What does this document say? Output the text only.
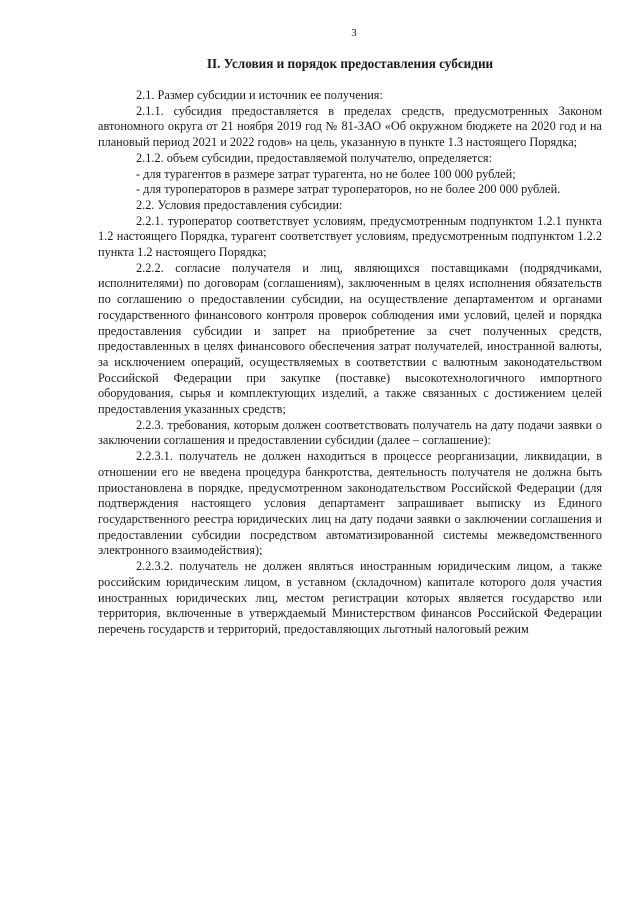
3
II. Условия и порядок предоставления субсидии

2.1. Размер субсидии и источник ее получения:

2.1.1. субсидия предоставляется в пределах средств, предусмотренных Законом автономного округа от 21 ноября 2019 год № 81-ЗАО «Об окружном бюджете на 2020 год и на плановый период 2021 и 2022 годов» на цель, указанную в пункте 1.3 настоящего Порядка;

2.1.2. объем субсидии, предоставляемой получателю, определяется:

- для турагентов в размере затрат турагента, но не более 100 000 рублей;

- для туроператоров в размере затрат туроператоров, но не более 200 000 рублей.

2.2. Условия предоставления субсидии:

2.2.1. туроператор соответствует условиям, предусмотренным подпунктом 1.2.1 пункта 1.2 настоящего Порядка, турагент соответствует условиям, предусмотренным подпунктом 1.2.2 пункта 1.2 настоящего Порядка;

2.2.2. согласие получателя и лиц, являющихся поставщиками (подрядчиками, исполнителями) по договорам (соглашениям), заключенным в целях исполнения обязательств по соглашению о предоставлении субсидии, на осуществление департаментом и органами государственного финансового контроля проверок соблюдения ими условий, целей и порядка предоставления субсидии и запрет на приобретение за счет полученных средств, предоставленных в целях финансового обеспечения затрат получателей, иностранной валюты, за исключением операций, осуществляемых в соответствии с валютным законодательством Российской Федерации при закупке (поставке) высокотехнологичного импортного оборудования, сырья и комплектующих изделий, а также связанных с достижением целей предоставления указанных средств;

2.2.3. требования, которым должен соответствовать получатель на дату подачи заявки о заключении соглашения и предоставлении субсидии (далее – соглашение):

2.2.3.1. получатель не должен находиться в процессе реорганизации, ликвидации, в отношении его не введена процедура банкротства, деятельность получателя не должна быть приостановлена в порядке, предусмотренном законодательством Российской Федерации (для подтверждения настоящего условия департамент запрашивает выписку из Единого государственного реестра юридических лиц на дату подачи заявки о заключении соглашения и предоставлении субсидии посредством автоматизированной системы межведомственного электронного взаимодействия);

2.2.3.2. получатель не должен являться иностранным юридическим лицом, а также российским юридическим лицом, в уставном (складочном) капитале которого доля участия иностранных юридических лиц, местом регистрации которых является государство или территория, включенные в утверждаемый Министерством финансов Российской Федерации перечень государств и территорий, предоставляющих льготный налоговый режим
